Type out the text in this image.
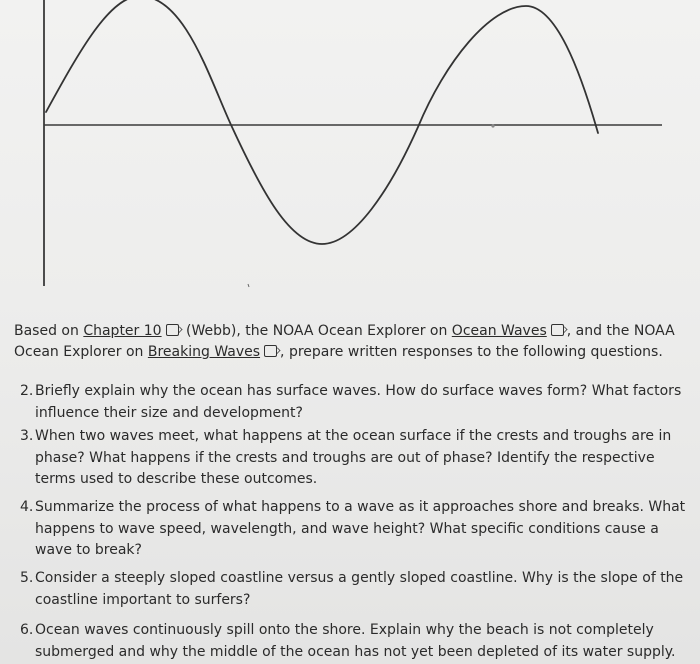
Based on Chapter 10 (Webb), the NOAA Ocean Explorer on Ocean Waves , and the NOAA Ocean Explorer on Breaking Waves , prepare written responses to the following questions.

2. Briefly explain why the ocean has surface waves. How do surface waves form? What factors influence their size and development?
3. When two waves meet, what happens at the ocean surface if the crests and troughs are in phase? What happens if the crests and troughs are out of phase? Identify the respective terms used to describe these outcomes.
4. Summarize the process of what happens to a wave as it approaches shore and breaks. What happens to wave speed, wavelength, and wave height? What specific conditions cause a wave to break?
5. Consider a steeply sloped coastline versus a gently sloped coastline. Why is the slope of the coastline important to surfers?
6. Ocean waves continuously spill onto the shore. Explain why the beach is not completely submerged and why the middle of the ocean has not yet been depleted of its water supply.
